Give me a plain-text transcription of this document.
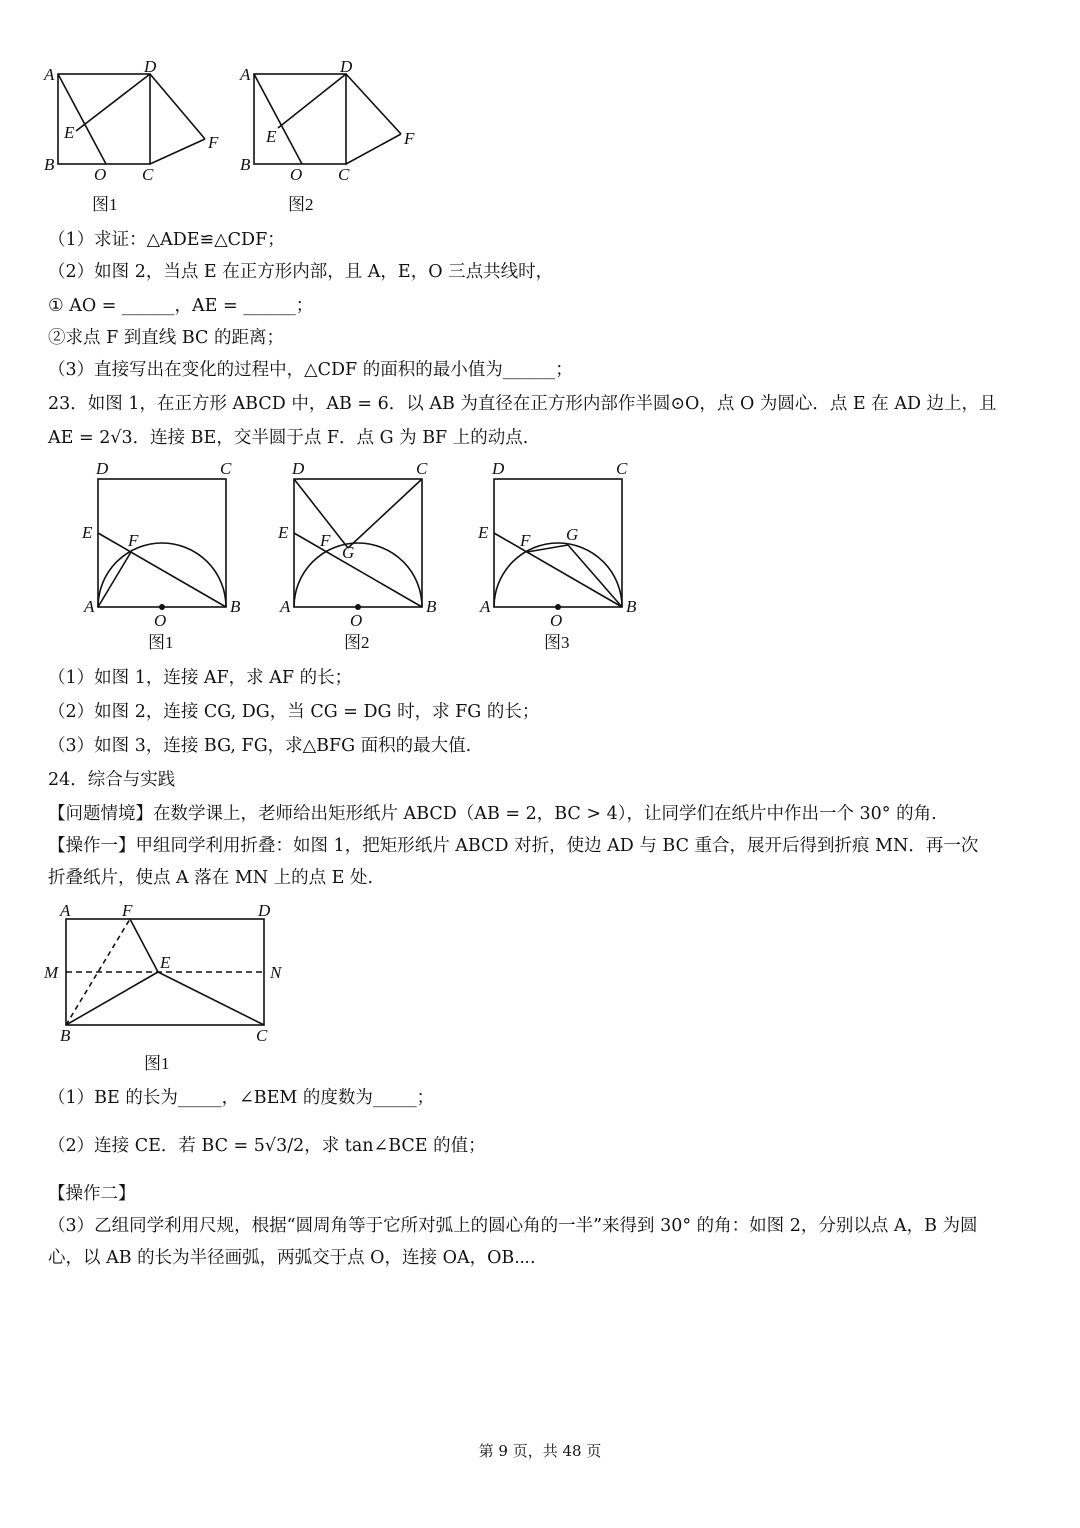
A	D
E
F
B
O C
图1
A	D
E	F
B
O C
图2
（1）求证：△ADE≌△CDF；
（2）如图 2，当点 E 在正方形内部，且 A，E，O 三点共线时，
① AO = ______，AE = ______；
②求点 F 到直线 BC 的距离；
（3）直接写出在变化的过程中，△CDF 的面积的最小值为______；
23．如图 1，在正方形 ABCD 中，AB = 6．以 AB 为直径在正方形内部作半圆⊙O，点 O 为圆心．点 E 在 AD 边上，且
AE = 2√3．连接 BE，交半圆于点 F．点 G 为 BF 上的动点.
D	C
E F
A	B
O
图1
D	C
E F
G
A	B
O
图2
D	C
E F G
A	B
O
图3
（1）如图 1，连接 AF，求 AF 的长；
（2）如图 2，连接 CG, DG，当 CG = DG 时，求 FG 的长；
（3）如图 3，连接 BG, FG，求△BFG 面积的最大值.
24．综合与实践
【问题情境】在数学课上，老师给出矩形纸片 ABCD（AB = 2，BC > 4），让同学们在纸片中作出一个 30° 的角.
【操作一】甲组同学利用折叠：如图 1，把矩形纸片 ABCD 对折，使边 AD 与 BC 重合，展开后得到折痕 MN．再一次
折叠纸片，使点 A 落在 MN 上的点 E 处.
A	F	D
M
E
N
B	C
图1
（1）BE 的长为_____，∠BEM 的度数为_____；
（2）连接 CE．若 BC = 5√3/2，求 tan∠BCE 的值；
【操作二】
（3）乙组同学利用尺规，根据“圆周角等于它所对弧上的圆心角的一半”来得到 30° 的角：如图 2，分别以点 A，B 为圆
心，以 AB 的长为半径画弧，两弧交于点 O，连接 OA，OB⋯.
第 9 页，共 48 页
